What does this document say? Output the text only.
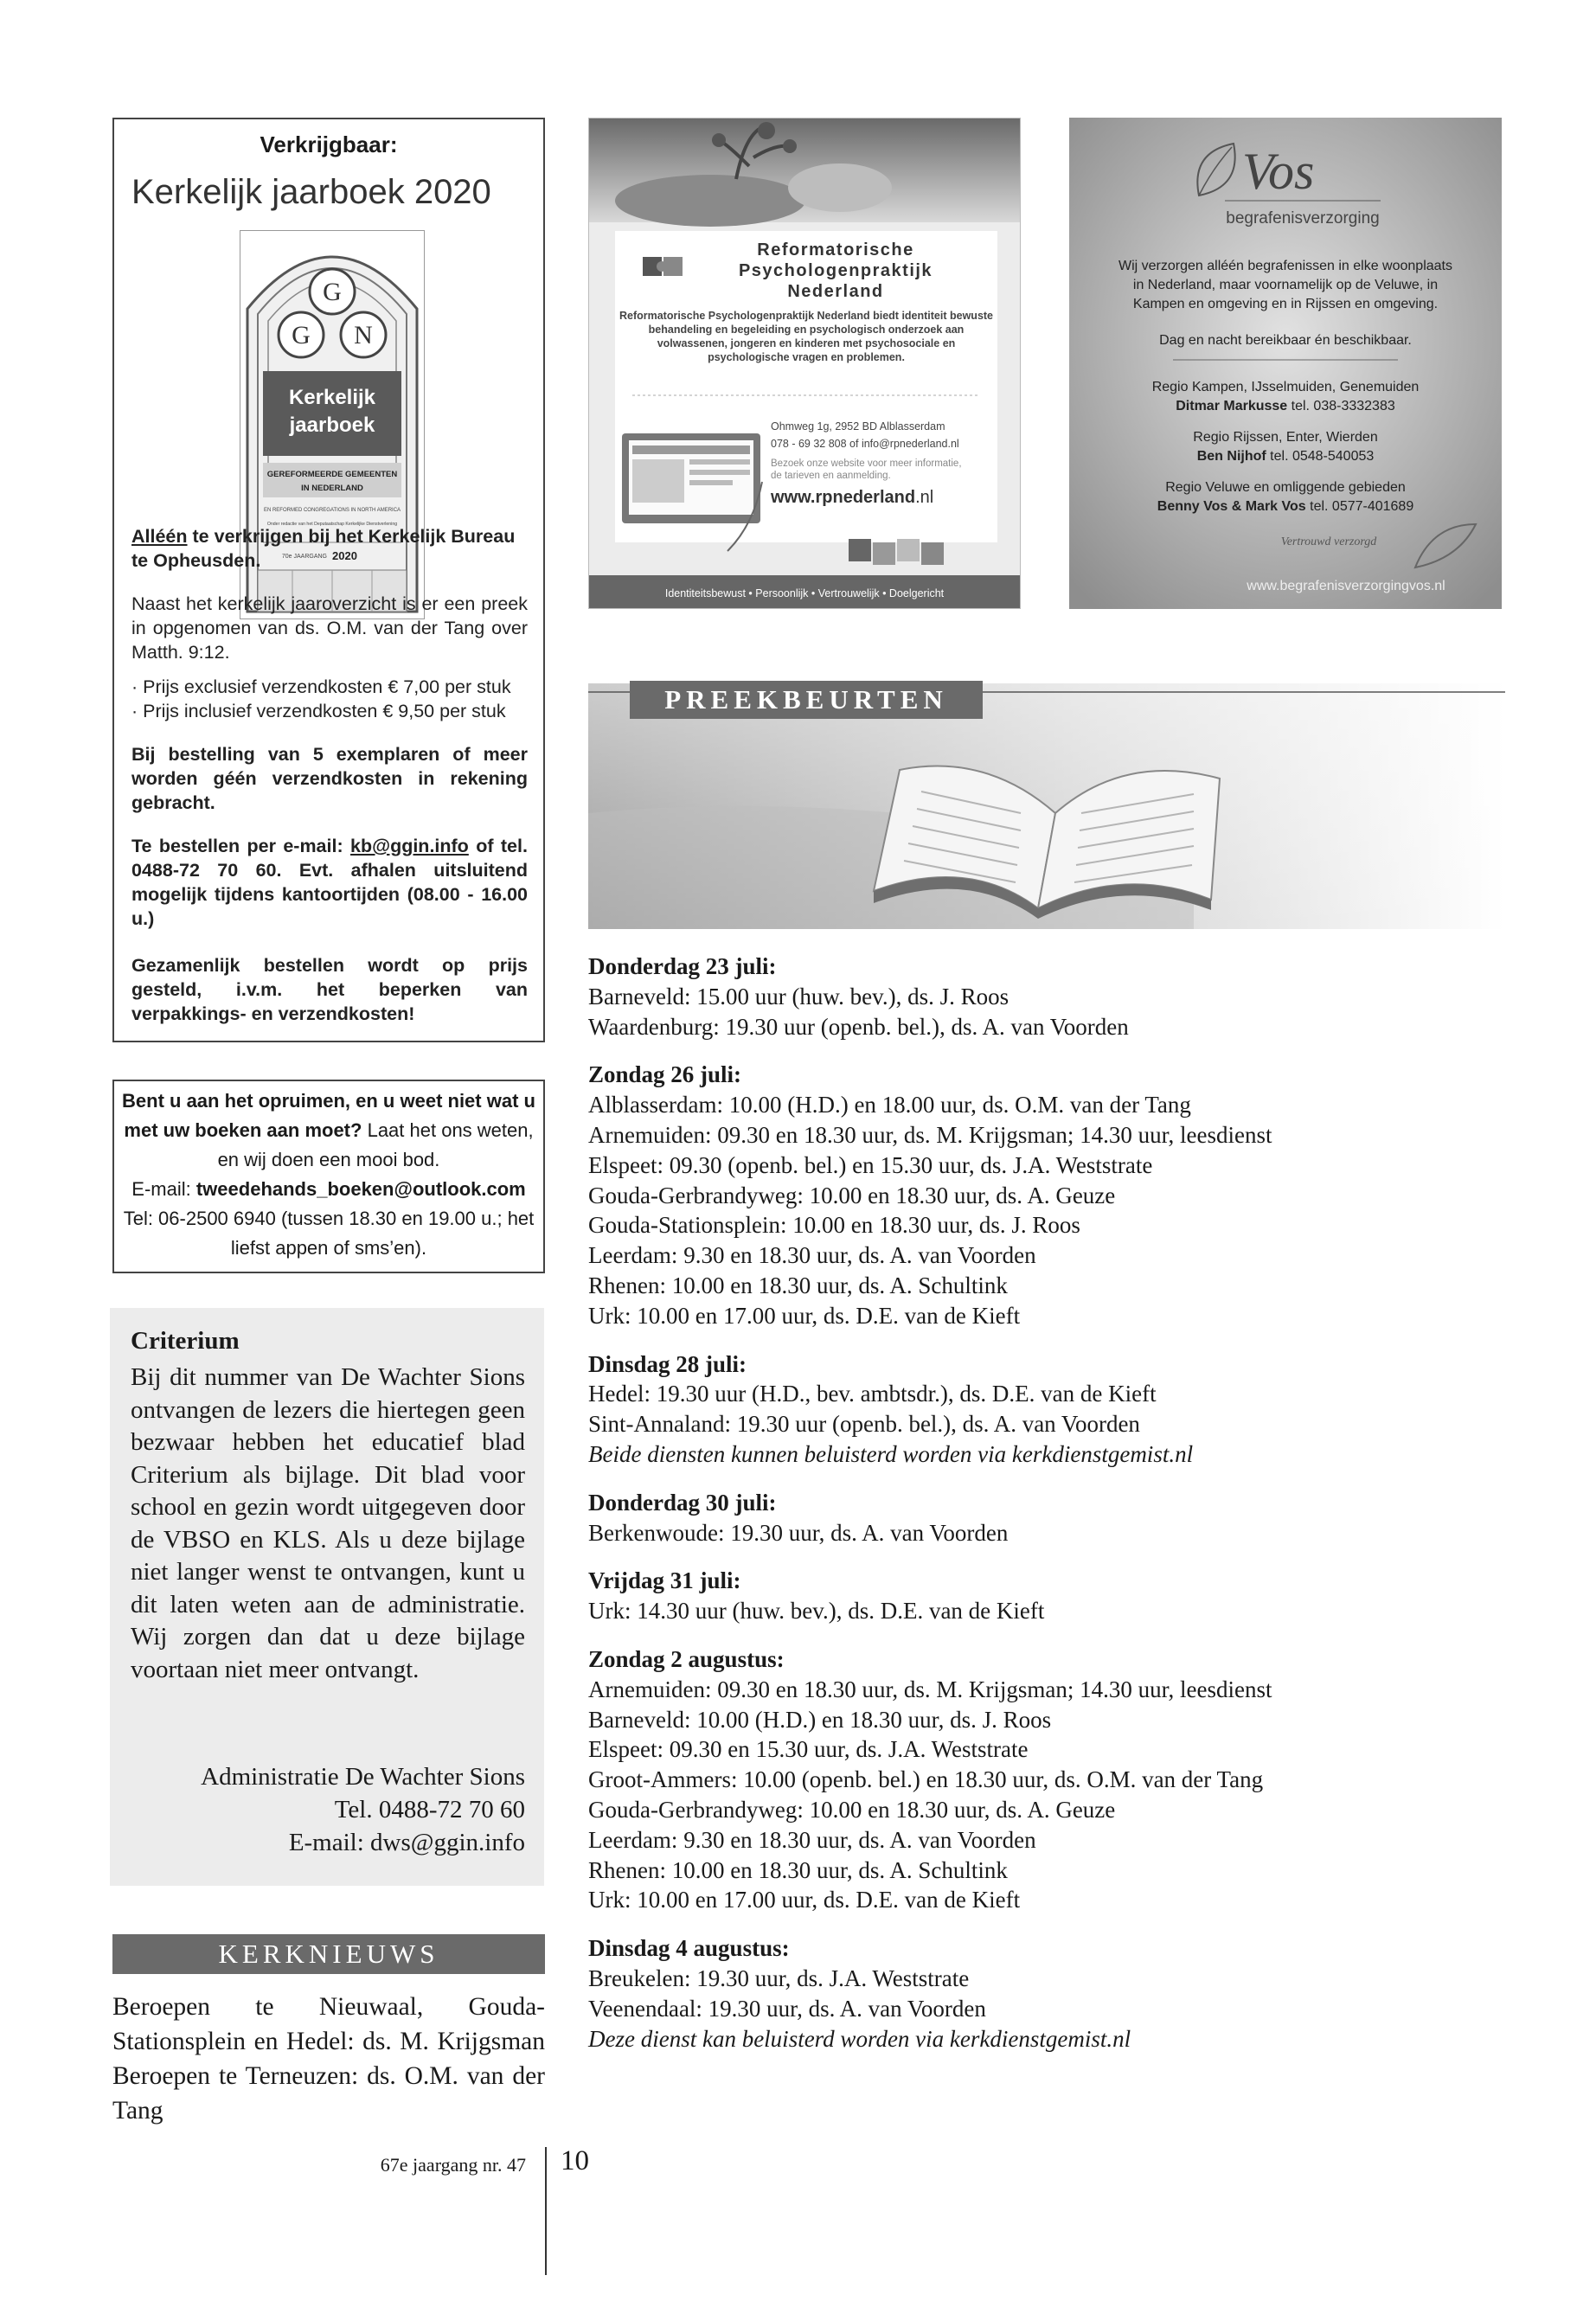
Verkrijgbaar:
Kerkelijk jaarboek 2020
G
G N
Kerkelijk
jaarboek
GEREFORMEERDE GEMEENTEN
IN NEDERLAND
EN REFORMED CONGREGATIONS IN NORTH AMERICA
Onder redactie van het Deputaatschap Kerkelijke Dienstverlening
70e JAARGANG 2020
Alléén te verkrijgen bij het Kerkelijk Bureau te Opheusden.
Naast het kerkelijk jaaroverzicht is er een preek in opgenomen van ds. O.M. van der Tang over Matth. 9:12.
· Prijs exclusief verzendkosten € 7,00 per stuk
· Prijs inclusief verzendkosten € 9,50 per stuk
Bij bestelling van 5 exemplaren of meer worden géén verzendkosten in rekening gebracht.
Te bestellen per e-mail: kb@ggin.info of tel. 0488-72 70 60. Evt. afhalen uitsluitend mogelijk tijdens kantoortijden (08.00 - 16.00 u.)
Gezamenlijk bestellen wordt op prijs gesteld, i.v.m. het beperken van verpakkings- en verzendkosten!
Bent u aan het opruimen, en u weet niet wat u met uw boeken aan moet? Laat het ons weten, en wij doen een mooi bod.
E-mail: tweedehands_boeken@outlook.com
Tel: 06-2500 6940 (tussen 18.30 en 19.00 u.; het liefst appen of sms’en).
Criterium
Bij dit nummer van De Wachter Sions ontvangen de lezers die hiertegen geen bezwaar hebben het educatief blad Criterium als bijlage. Dit blad voor school en gezin wordt uitgegeven door de VBSO en KLS. Als u deze bijlage niet langer wenst te ontvangen, kunt u dit laten weten aan de administratie. Wij zorgen dan dat u deze bijlage voortaan niet meer ontvangt.
Administratie De Wachter Sions
Tel. 0488-72 70 60
E-mail: dws@ggin.info
KERKNIEUWS
Beroepen te Nieuwaal, Gouda-Stationsplein en Hedel: ds. M. Krijgsman Beroepen te Terneuzen: ds. O.M. van der Tang
Reformatorische
Psychologenpraktijk
Nederland
Reformatorische Psychologenpraktijk Nederland biedt identiteit bewuste behandeling en begeleiding en psychologisch onderzoek aan volwassenen, jongeren en kinderen met psychosociale en psychologische vragen en problemen.
Ohmweg 1g, 2952 BD Alblasserdam
078 - 69 32 808 of info@rpnederland.nl
Bezoek onze website voor meer informatie,
de tarieven en aanmelding.
www.rpnederland.nl
Identiteitsbewust • Persoonlijk • Vertrouwelijk • Doelgericht
Vos
begrafenisverzorging
Wij verzorgen alléén begrafenissen in elke woonplaats
in Nederland, maar voornamelijk op de Veluwe, in
Kampen en omgeving en in Rijssen en omgeving.
Dag en nacht bereikbaar én beschikbaar.
Regio Kampen, IJsselmuiden, Genemuiden
Ditmar Markusse tel. 038-3332383
Regio Rijssen, Enter, Wierden
Ben Nijhof tel. 0548-540053
Regio Veluwe en omliggende gebieden
Benny Vos & Mark Vos tel. 0577-401689
Vertrouwd verzorgd
www.begrafenisverzorgingvos.nl
PREEKBEURTEN
Donderdag 23 juli:
Barneveld: 15.00 uur (huw. bev.), ds. J. Roos
Waardenburg: 19.30 uur (openb. bel.), ds. A. van Voorden
Zondag 26 juli:
Alblasserdam: 10.00 (H.D.) en 18.00 uur, ds. O.M. van der Tang
Arnemuiden: 09.30 en 18.30 uur, ds. M. Krijgsman; 14.30 uur, leesdienst
Elspeet: 09.30 (openb. bel.) en 15.30 uur, ds. J.A. Weststrate
Gouda-Gerbrandyweg: 10.00 en 18.30 uur, ds. A. Geuze
Gouda-Stationsplein: 10.00 en 18.30 uur, ds. J. Roos
Leerdam: 9.30 en 18.30 uur, ds. A. van Voorden
Rhenen: 10.00 en 18.30 uur, ds. A. Schultink
Urk: 10.00 en 17.00 uur, ds. D.E. van de Kieft
Dinsdag 28 juli:
Hedel: 19.30 uur (H.D., bev. ambtsdr.), ds. D.E. van de Kieft
Sint-Annaland: 19.30 uur (openb. bel.), ds. A. van Voorden
Beide diensten kunnen beluisterd worden via kerkdienstgemist.nl
Donderdag 30 juli:
Berkenwoude: 19.30 uur, ds. A. van Voorden
Vrijdag 31 juli:
Urk: 14.30 uur (huw. bev.), ds. D.E. van de Kieft
Zondag 2 augustus:
Arnemuiden: 09.30 en 18.30 uur, ds. M. Krijgsman; 14.30 uur, leesdienst
Barneveld: 10.00 (H.D.) en 18.30 uur, ds. J. Roos
Elspeet: 09.30 en 15.30 uur, ds. J.A. Weststrate
Groot-Ammers: 10.00 (openb. bel.) en 18.30 uur, ds. O.M. van der Tang
Gouda-Gerbrandyweg: 10.00 en 18.30 uur, ds. A. Geuze
Leerdam: 9.30 en 18.30 uur, ds. A. van Voorden
Rhenen: 10.00 en 18.30 uur, ds. A. Schultink
Urk: 10.00 en 17.00 uur, ds. D.E. van de Kieft
Dinsdag 4 augustus:
Breukelen: 19.30 uur, ds. J.A. Weststrate
Veenendaal: 19.30 uur, ds. A. van Voorden
Deze dienst kan beluisterd worden via kerkdienstgemist.nl
67e jaargang nr. 47 10
